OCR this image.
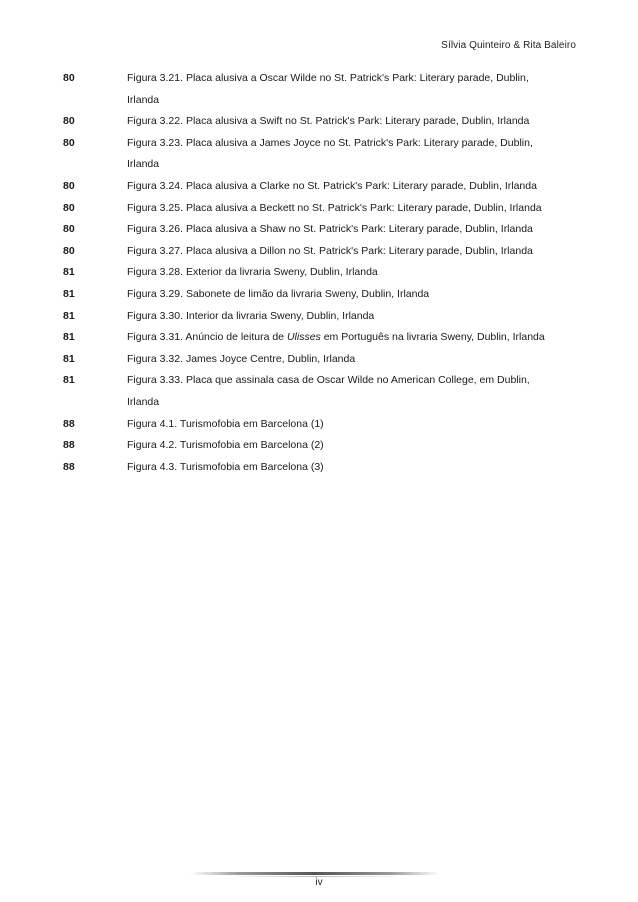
Sílvia Quinteiro & Rita Baleiro
80	Figura 3.21. Placa alusiva a Oscar Wilde no St. Patrick's Park: Literary parade, Dublin,
Irlanda
80	Figura 3.22. Placa alusiva a Swift no St. Patrick's Park: Literary parade, Dublin, Irlanda
80	Figura 3.23. Placa alusiva a James Joyce no St. Patrick's Park: Literary parade, Dublin,
Irlanda
80	Figura 3.24. Placa alusiva a Clarke no St. Patrick's Park: Literary parade, Dublin, Irlanda
80	Figura 3.25. Placa alusiva a Beckett no St. Patrick's Park: Literary parade, Dublin, Irlanda
80	Figura 3.26. Placa alusiva a Shaw no St. Patrick's Park: Literary parade, Dublin, Irlanda
80	Figura 3.27. Placa alusiva a Dillon no St. Patrick's Park: Literary parade, Dublin, Irlanda
81	Figura 3.28. Exterior da livraria Sweny, Dublin, Irlanda
81	Figura 3.29. Sabonete de limão da livraria Sweny, Dublin, Irlanda
81	Figura 3.30. Interior da livraria Sweny, Dublin, Irlanda
81	Figura 3.31. Anúncio de leitura de Ulisses em Português na livraria Sweny, Dublin, Irlanda
81	Figura 3.32. James Joyce Centre, Dublin, Irlanda
81	Figura 3.33. Placa que assinala casa de Oscar Wilde no American College, em Dublin,
Irlanda
88	Figura 4.1. Turismofobia em Barcelona (1)
88	Figura 4.2. Turismofobia em Barcelona (2)
88	Figura 4.3. Turismofobia em Barcelona (3)
iv
